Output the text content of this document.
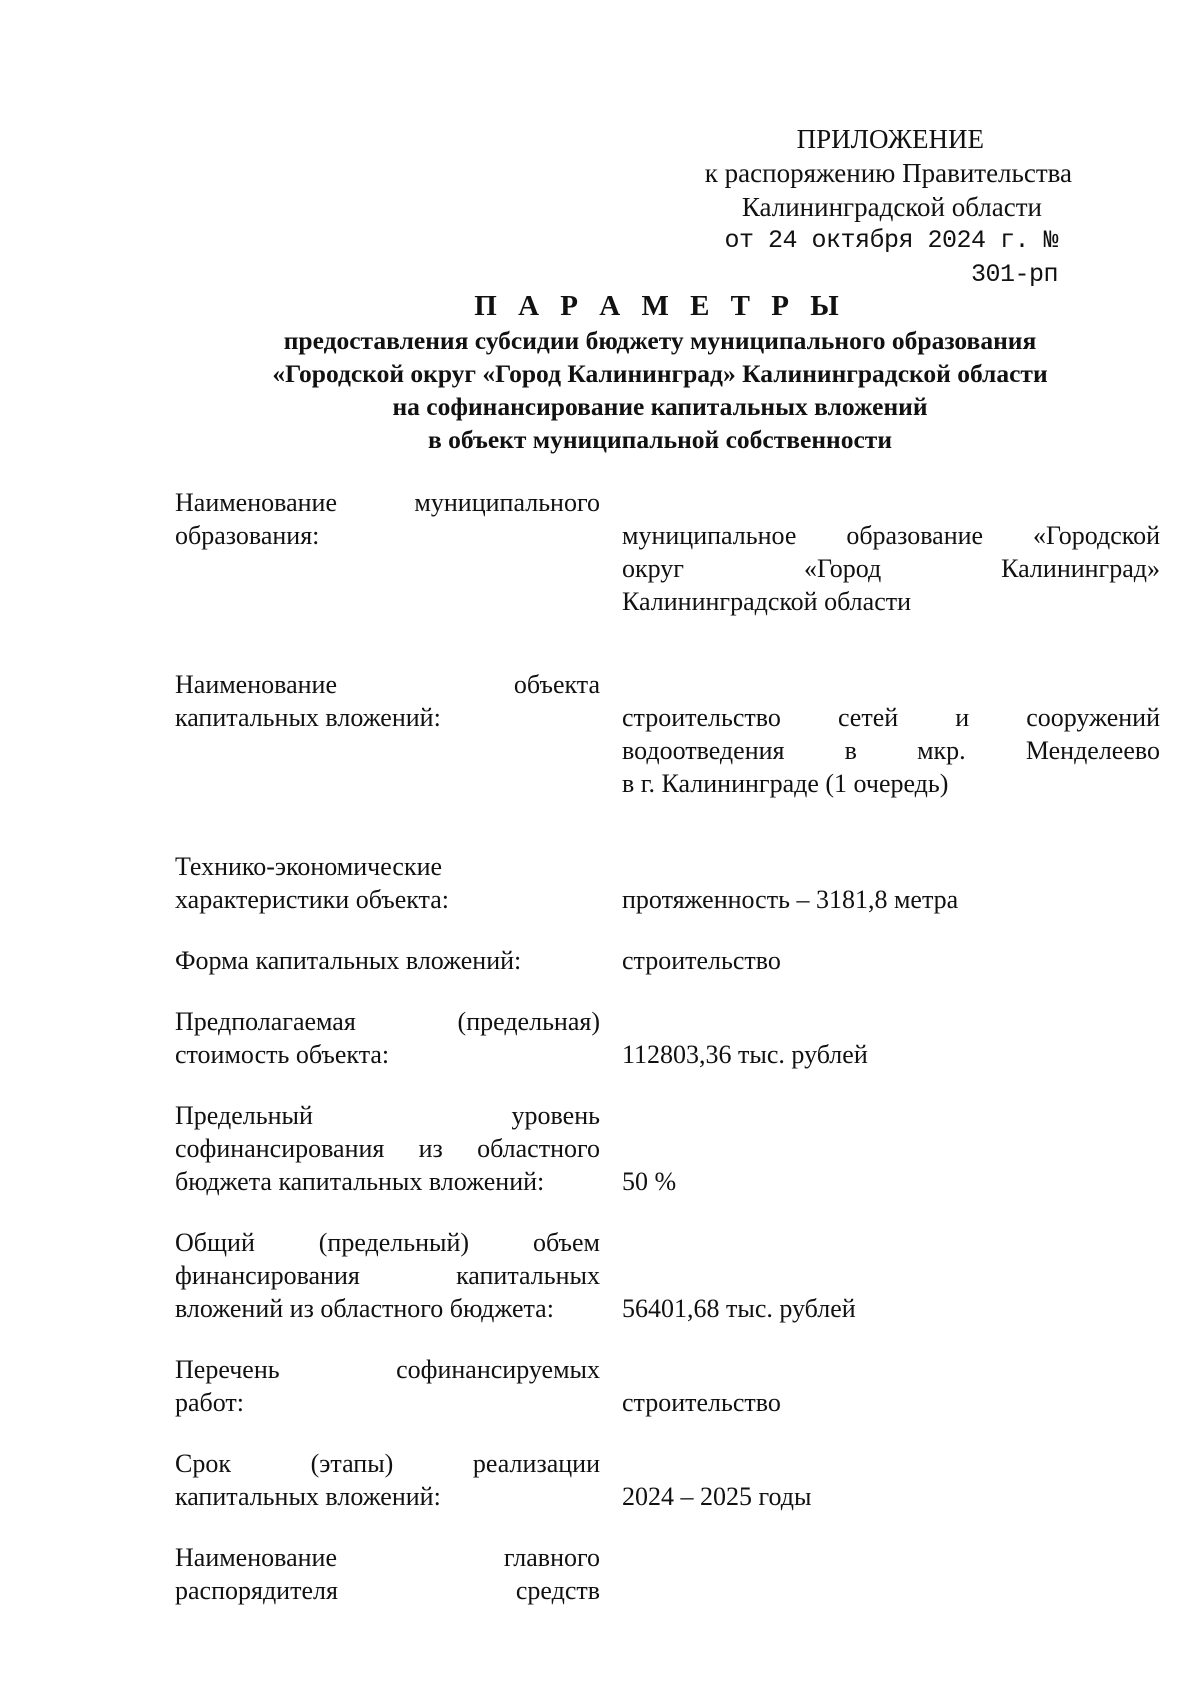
ПРИЛОЖЕНИЕ
к распоряжению Правительства
Калининградской области
от 24 октября 2024 г. № 301-рп
П А Р А М Е Т Р Ы
предоставления субсидии бюджету муниципального образования
«Городской округ «Город Калининград» Калининградской области
на софинансирование капитальных вложений
в объект муниципальной собственности
Наименование муниципального
образования:	муниципальное образование «Городской
округ «Город Калининград»
Калининградской области
Наименование объекта
капитальных вложений:	строительство сетей и сооружений
водоотведения в мкр. Менделеево
в г. Калининграде (1 очередь)
Технико-экономические
характеристики объекта:	протяженность – 3181,8 метра
Форма капитальных вложений:	строительство
Предполагаемая (предельная)
стоимость объекта:	112803,36 тыс. рублей
Предельный уровень
софинансирования из областного
бюджета капитальных вложений:	50 %
Общий (предельный) объем
финансирования капитальных
вложений из областного бюджета:	56401,68 тыс. рублей
Перечень софинансируемых
работ:	строительство
Срок (этапы) реализации
капитальных вложений:	2024 – 2025 годы
Наименование главного
распорядителя средств
